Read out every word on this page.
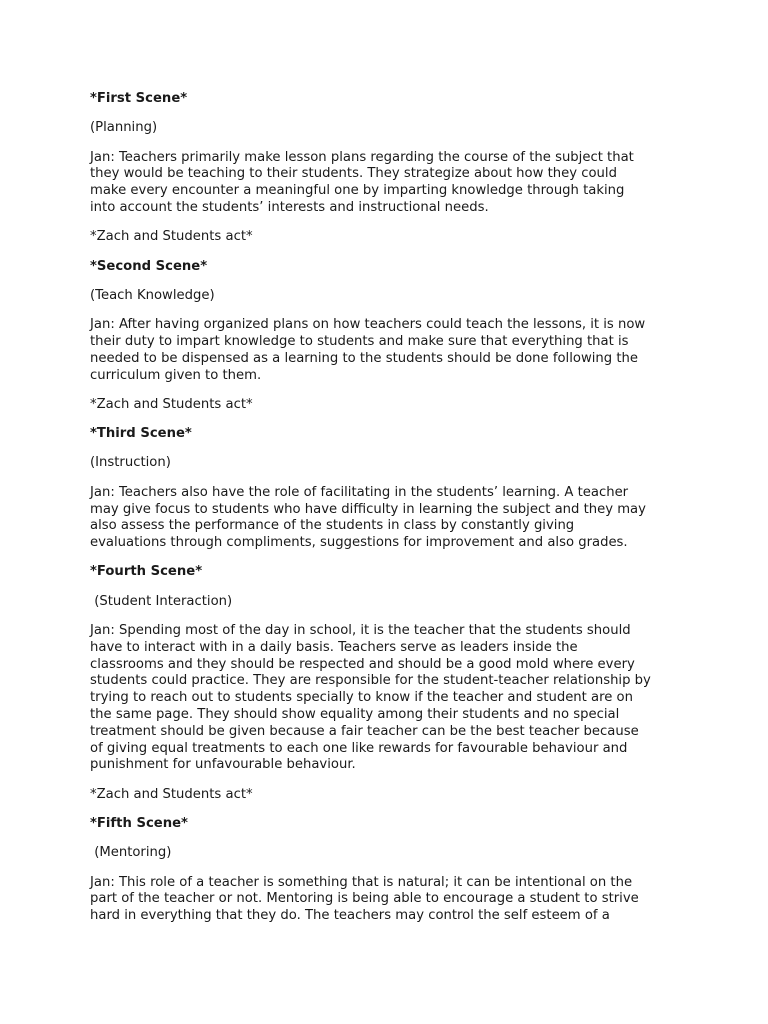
*First Scene*

(Planning)

Jan: Teachers primarily make lesson plans regarding the course of the subject that
they would be teaching to their students. They strategize about how they could
make every encounter a meaningful one by imparting knowledge through taking
into account the students’ interests and instructional needs.

*Zach and Students act*

*Second Scene*

(Teach Knowledge)

Jan: After having organized plans on how teachers could teach the lessons, it is now
their duty to impart knowledge to students and make sure that everything that is
needed to be dispensed as a learning to the students should be done following the
curriculum given to them.

*Zach and Students act*

*Third Scene*

(Instruction)

Jan: Teachers also have the role of facilitating in the students’ learning. A teacher
may give focus to students who have difficulty in learning the subject and they may
also assess the performance of the students in class by constantly giving
evaluations through compliments, suggestions for improvement and also grades.

*Fourth Scene*

(Student Interaction)

Jan: Spending most of the day in school, it is the teacher that the students should
have to interact with in a daily basis. Teachers serve as leaders inside the
classrooms and they should be respected and should be a good mold where every
students could practice. They are responsible for the student-teacher relationship by
trying to reach out to students specially to know if the teacher and student are on
the same page. They should show equality among their students and no special
treatment should be given because a fair teacher can be the best teacher because
of giving equal treatments to each one like rewards for favourable behaviour and
punishment for unfavourable behaviour.

*Zach and Students act*

*Fifth Scene*

(Mentoring)

Jan: This role of a teacher is something that is natural; it can be intentional on the
part of the teacher or not. Mentoring is being able to encourage a student to strive
hard in everything that they do. The teachers may control the self esteem of a
